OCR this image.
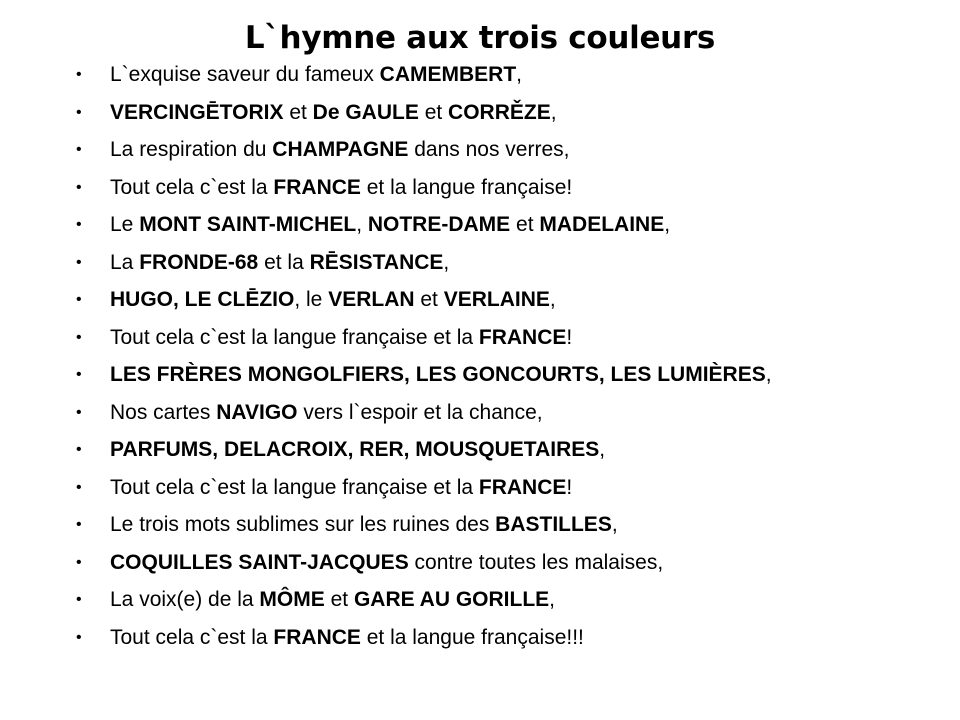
L`hymne aux trois couleurs
• L`exquise saveur du fameux CAMEMBERT,
• VERCINGĒTORIX et De GAULE et CORRĚZE,
• La respiration du CHAMPAGNE dans nos verres,
• Tout cela c`est la FRANCE et la langue française!
• Le MONT SAINT-MICHEL, NOTRE-DAME et MADELAINE,
• La FRONDE-68 et la RĒSISTANCE,
• HUGO, LE CLĒZIO, le VERLAN et VERLAINE,
• Tout cela c`est la langue française et la FRANCE!
• LES FRÈRES MONGOLFIERS, LES GONCOURTS, LES LUMIÈRES,
• Nos cartes NAVIGO vers l`espoir et la chance,
• PARFUMS, DELACROIX, RER, MOUSQUETAIRES,
• Tout cela c`est la langue française et la FRANCE!
• Le trois mots sublimes sur les ruines des BASTILLES,
• COQUILLES SAINT-JACQUES contre toutes les malaises,
• La voix(e) de la MÔME et GARE AU GORILLE,
• Tout cela c`est la FRANCE et la langue française!!!
